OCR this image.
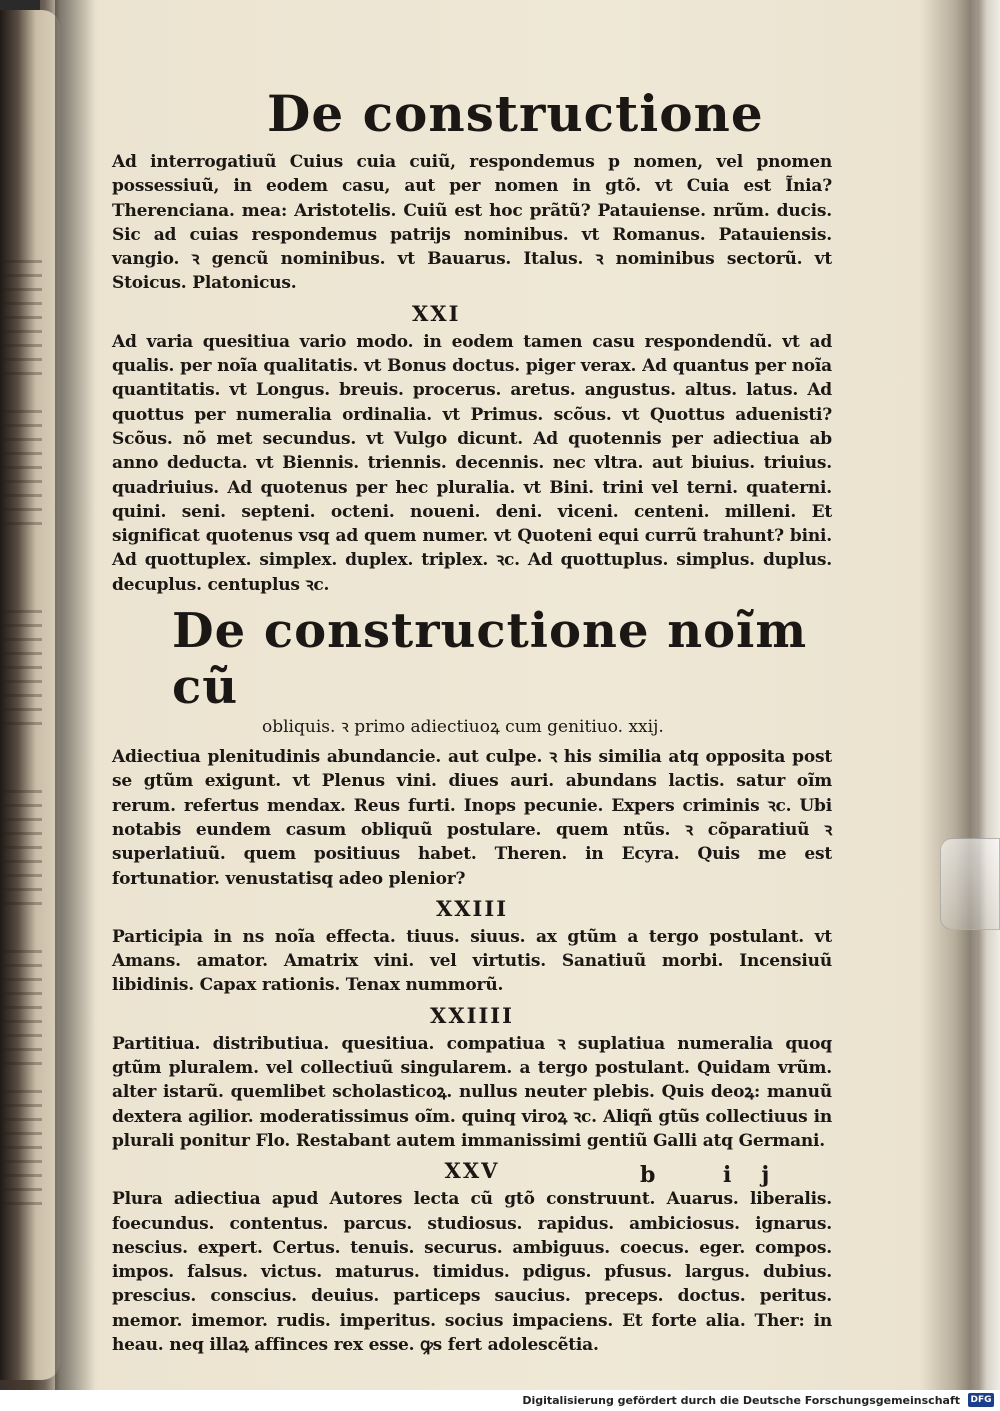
De constructione

Ad interrogatiuũ Cuius cuia cuiũ, respondemus p nomen, vel pnomen possessiuũ, in eodem casu, aut per nomen in gtõ. vt Cuia est Ĩnia? Therenciana. mea: Aristotelis. Cuiũ est hoc prãtũ? Patauiense. nrũm. ducis. Sic ad cuias respondemus patrijs nominibus. vt Romanus. Patauiensis. vangio. ꝛ gencũ nominibus. vt Bauarus. Italus. ꝛ nominibus sectorũ. vt Stoicus. Platonicus.

XXI

Ad varia quesitiua vario modo. in eodem tamen casu respondendũ. vt ad qualis. per noĩa qualitatis. vt Bonus doctus. piger verax. Ad quantus per noĩa quantitatis. vt Longus. breuis. procerus. aretus. angustus. altus. latus. Ad quottus per numeralia ordinalia. vt Primus. scõus. vt Quottus aduenisti? Scõus. nõ met secundus. vt Vulgo dicunt. Ad quotennis per adiectiua ab anno deducta. vt Biennis. triennis. decennis. nec vltra. aut biuius. triuius. quadriuius. Ad quotenus per hec pluralia. vt Bini. trini vel terni. quaterni. quini. seni. septeni. octeni. noueni. deni. viceni. centeni. milleni. Et significat quotenus vsq ad quem numer. vt Quoteni equi currũ trahunt? bini. Ad quottuplex. simplex. duplex. triplex. ꝛc. Ad quottuplus. simplus. duplus. decuplus. centuplus ꝛc.

De constructione noĩm cũ
obliquis. ꝛ primo adiectiuoꝝ cum genitiuo. xxij.

Adiectiua plenitudinis abundancie. aut culpe. ꝛ his similia atq opposita post se gtũm exigunt. vt Plenus vini. diues auri. abundans lactis. satur oĩm rerum. refertus mendax. Reus furti. Inops pecunie. Expers criminis ꝛc. Ubi notabis eundem casum obliquũ postulare. quem ntũs. ꝛ cõparatiuũ ꝛ superlatiuũ. quem positiuus habet. Theren. in Ecyra. Quis me est fortunatior. venustatisq adeo plenior?

XXIII

Participia in ns noĩa effecta. tiuus. siuus. ax gtũm a tergo postulant. vt Amans. amator. Amatrix vini. vel virtutis. Sanatiuũ morbi. Incensiuũ libidinis. Capax rationis. Tenax nummorũ.

XXIIII

Partitiua. distributiua. quesitiua. compatiua ꝛ suplatiua numeralia quoq gtũm pluralem. vel collectiuũ singularem. a tergo postulant. Quidam vrũm. alter istarũ. quemlibet scholasticoꝝ. nullus neuter plebis. Quis deoꝝ: manuũ dextera agilior. moderatissimus oĩm. quinq viroꝝ ꝛc. Aliqñ gtũs collectiuus in plurali ponitur Flo. Restabant autem immanissimi gentiũ Galli atq Germani.

XXV

Plura adiectiua apud Autores lecta cũ gtõ construunt. Auarus. liberalis. foecundus. contentus. parcus. studiosus. rapidus. ambiciosus. ignarus. nescius. expert. Certus. tenuis. securus. ambiguus. coecus. eger. compos. impos. falsus. victus. maturus. timidus. pdigus. pfusus. largus. dubius. prescius. conscius. deuius. particeps saucius. preceps. doctus. peritus. memor. imemor. rudis. imperitus. socius impaciens. Et forte alia. Ther: in heau. neq illaꝝ affinces rex esse. ꝙs fert adolescẽtia.

b ij
Digitalisierung gefördert durch die Deutsche Forschungsgemeinschaft DFG
